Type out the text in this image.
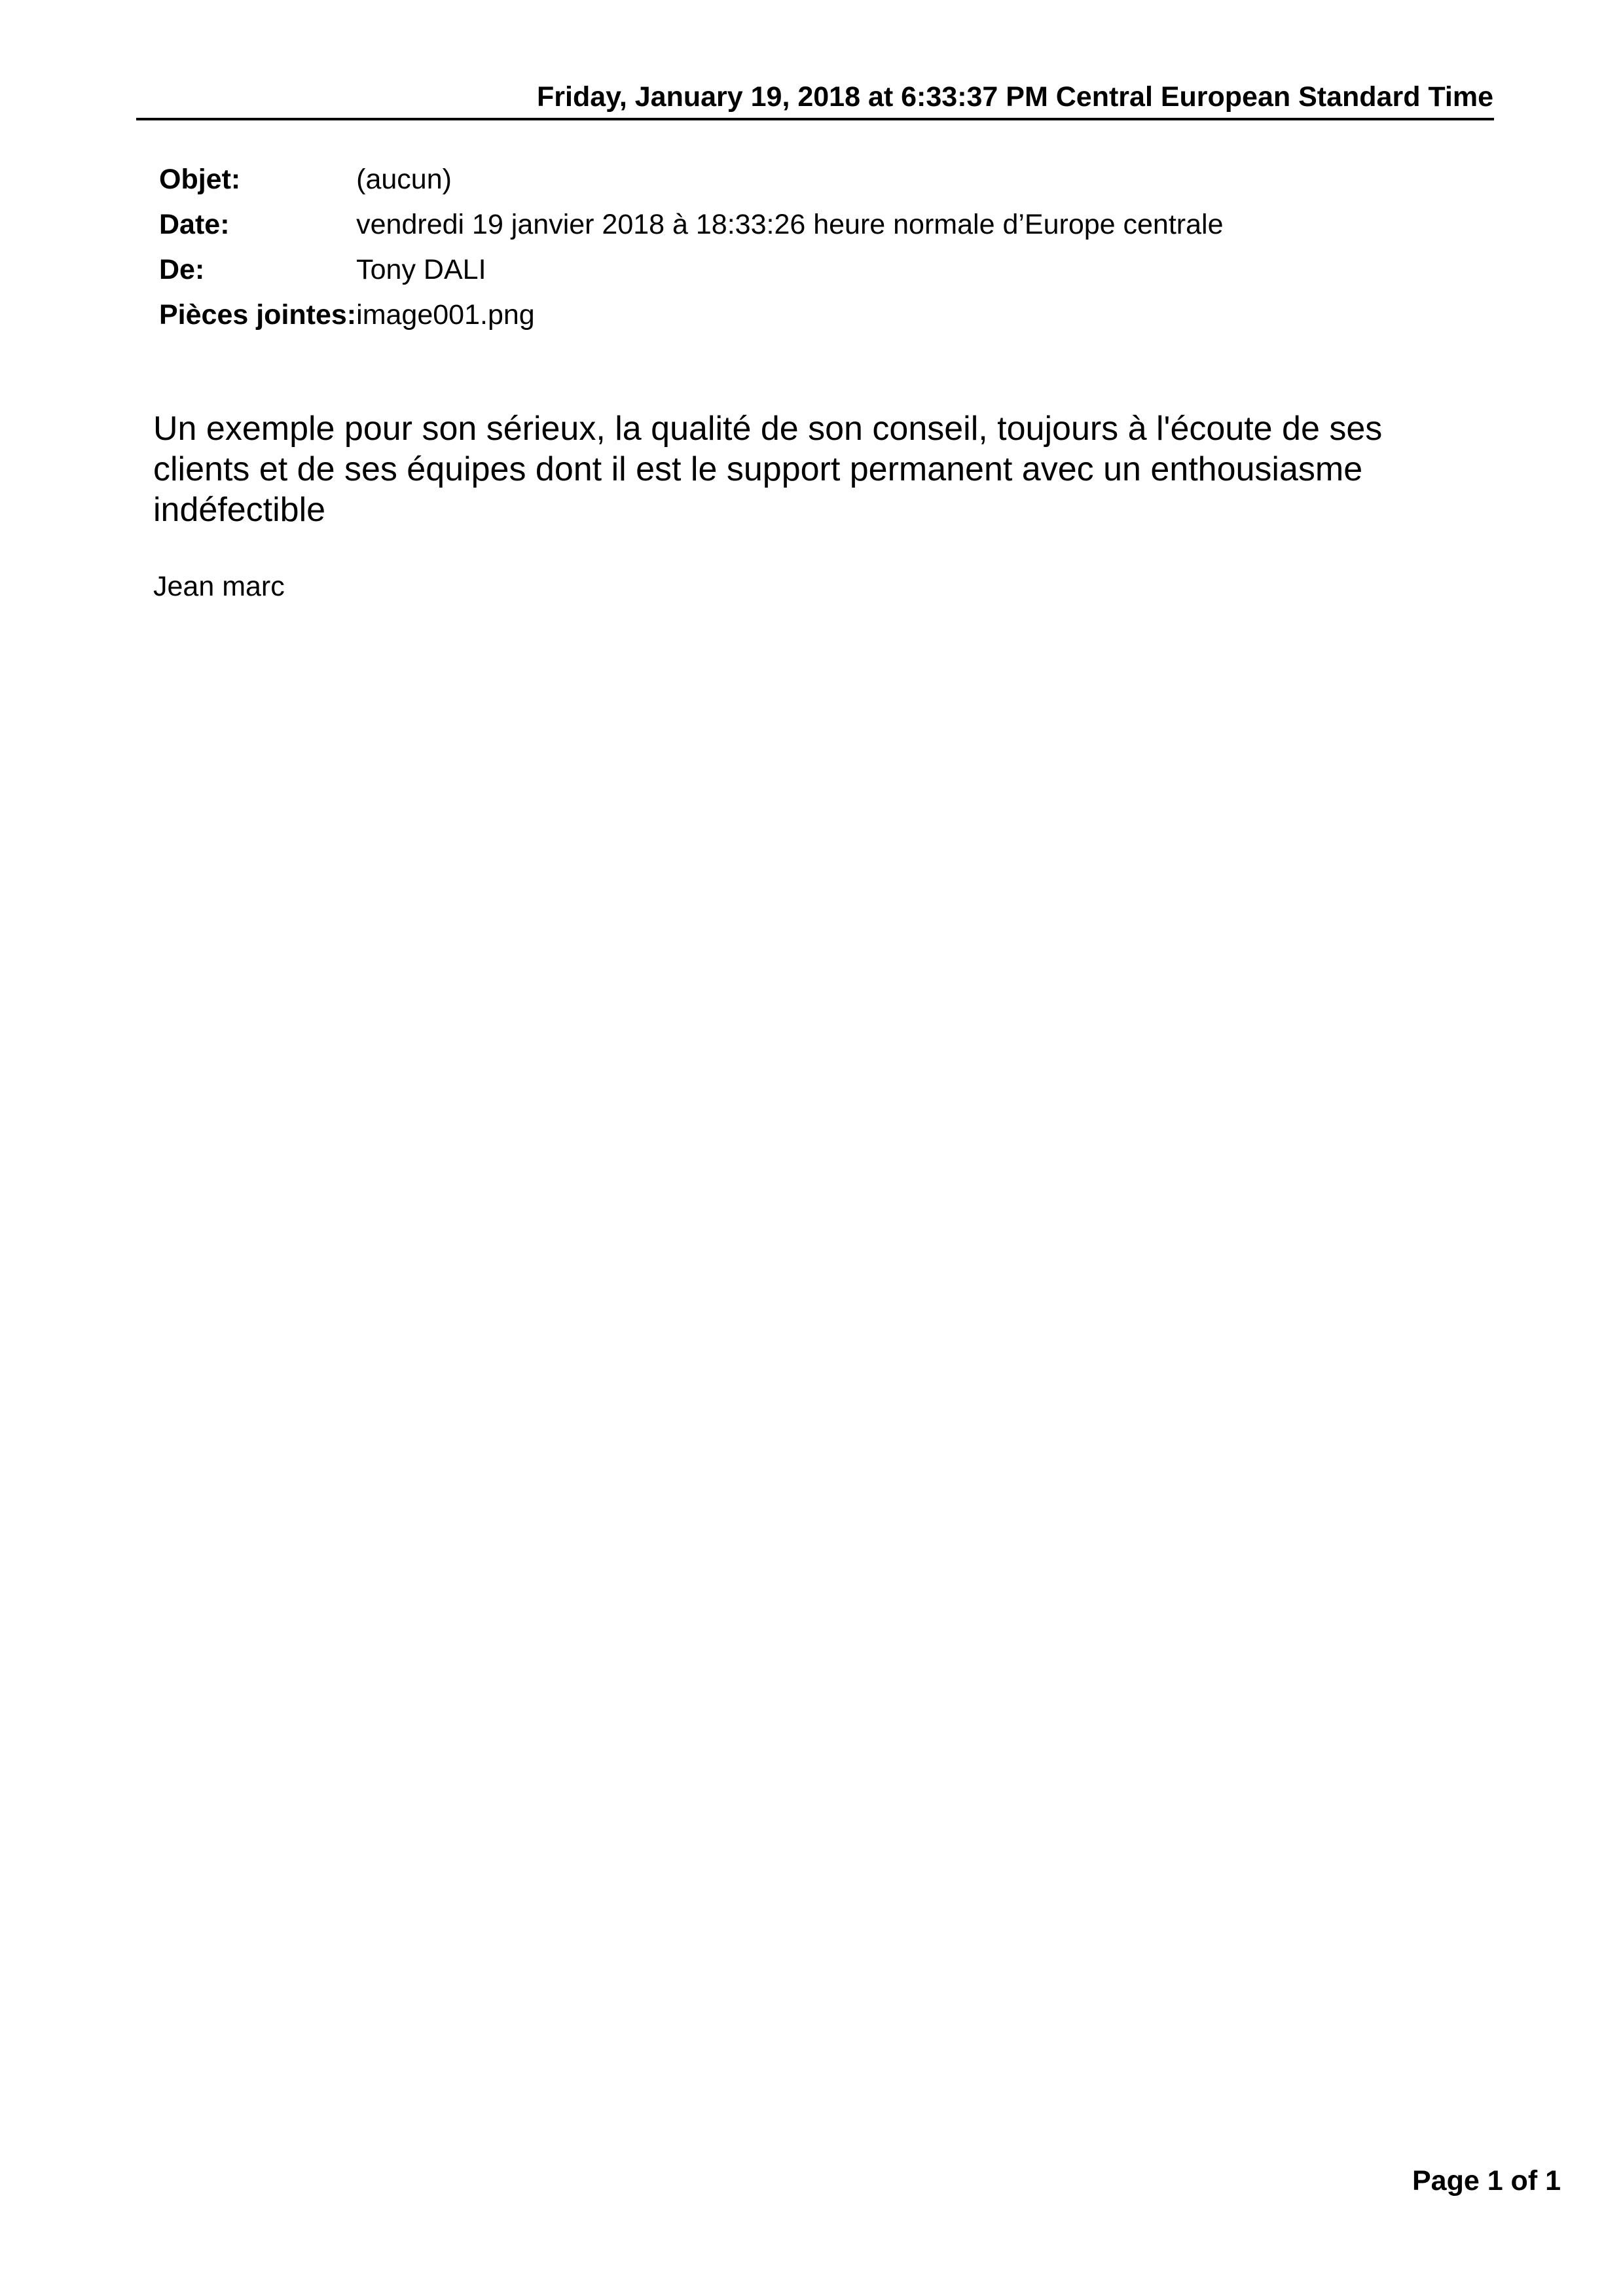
Friday, January 19, 2018 at 6:33:37 PM Central European Standard Time
Objet:	(aucun)
Date:	vendredi 19 janvier 2018 à 18:33:26 heure normale d’Europe centrale
De:	Tony DALI
Pièces jointes:	image001.png

Un exemple pour son sérieux, la qualité de son conseil, toujours à l'écoute de ses clients et de ses équipes dont il est le support permanent avec un enthousiasme indéfectible

Jean marc

Page 1 of 1
